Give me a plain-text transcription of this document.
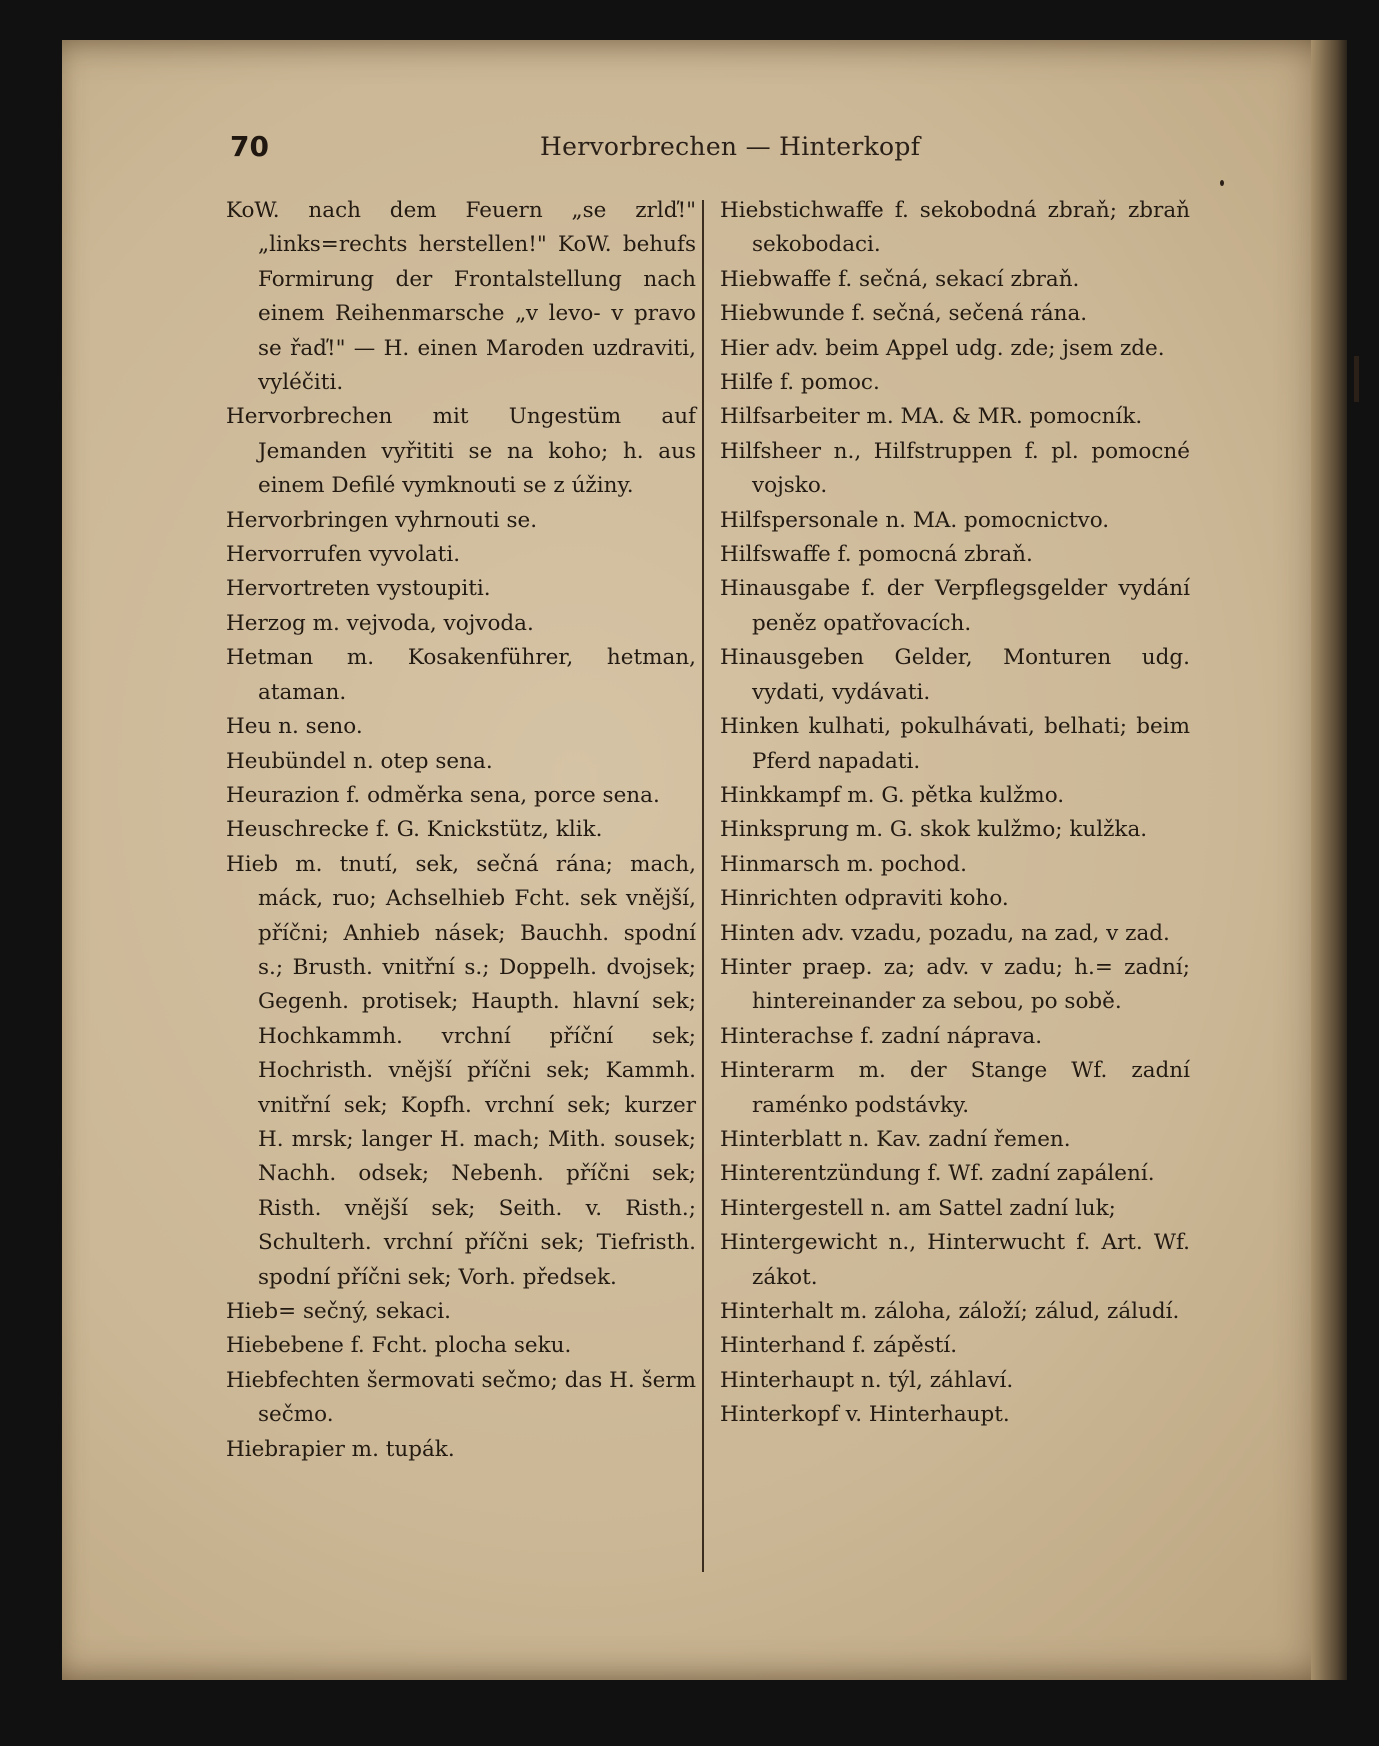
70	Hervorbrechen — Hinterkopf

KoW. nach dem Feuern „se zrlď!" „links=rechts herstellen!" KoW. behufs Formirung der Frontalstellung nach einem Reihenmarsche „v levo- v pravo se řaď!" — H. einen Maroden uzdraviti, vyléčiti.

Hervorbrechen mit Ungestüm auf Jemanden vyřititi se na koho; h. aus einem Defilé vymknouti se z úžiny.

Hervorbringen vyhrnouti se.

Hervorrufen vyvolati.

Hervortreten vystoupiti.

Herzog m. vejvoda, vojvoda.

Hetman m. Kosakenführer, hetman, ataman.

Heu n. seno.

Heubündel n. otep sena.

Heurazion f. odměrka sena, porce sena.

Heuschrecke f. G. Knickstütz, klik.

Hieb m. tnutí, sek, sečná rána; mach, máck, ruo; Achselhieb Fcht. sek vnější, příčni; Anhieb násek; Bauchh. spodní s.; Brusth. vnitřní s.; Doppelh. dvojsek; Gegenh. protisek; Haupth. hlavní sek; Hochkammh. vrchní příční sek; Hochristh. vnější příčni sek; Kammh. vnitřní sek; Kopfh. vrchní sek; kurzer H. mrsk; langer H. mach; Mith. sousek; Nachh. odsek; Nebenh. příčni sek; Risth. vnější sek; Seith. v. Risth.; Schulterh. vrchní příčni sek; Tiefristh. spodní příčni sek; Vorh. předsek.

Hieb= sečný, sekaci.

Hiebebene f. Fcht. plocha seku.

Hiebfechten šermovati sečmo; das H. šerm sečmo.

Hiebrapier m. tupák.

Hiebstichwaffe f. sekobodná zbraň; zbraň sekobodaci.

Hiebwaffe f. sečná, sekací zbraň.

Hiebwunde f. sečná, sečená rána.

Hier adv. beim Appel udg. zde; jsem zde.

Hilfe f. pomoc.

Hilfsarbeiter m. MA. & MR. pomocník.

Hilfsheer n., Hilfstruppen f. pl. pomocné vojsko.

Hilfspersonale n. MA. pomocnictvo.

Hilfswaffe f. pomocná zbraň.

Hinausgabe f. der Verpflegsgelder vydání peněz opatřovacích.

Hinausgeben Gelder, Monturen udg. vydati, vydávati.

Hinken kulhati, pokulhávati, belhati; beim Pferd napadati.

Hinkkampf m. G. pětka kulžmo.

Hinksprung m. G. skok kulžmo; kulžka.

Hinmarsch m. pochod.

Hinrichten odpraviti koho.

Hinten adv. vzadu, pozadu, na zad, v zad.

Hinter praep. za; adv. v zadu; h.= zadní; hintereinander za sebou, po sobě.

Hinterachse f. zadní náprava.

Hinterarm m. der Stange Wf. zadní raménko podstávky.

Hinterblatt n. Kav. zadní řemen.

Hinterentzündung f. Wf. zadní zapálení.

Hintergestell n. am Sattel zadní luk;

Hintergewicht n., Hinterwucht f. Art. Wf. zákot.

Hinterhalt m. záloha, záloží; zálud, záludí.

Hinterhand f. zápěstí.

Hinterhaupt n. týl, záhlaví.

Hinterkopf v. Hinterhaupt.
